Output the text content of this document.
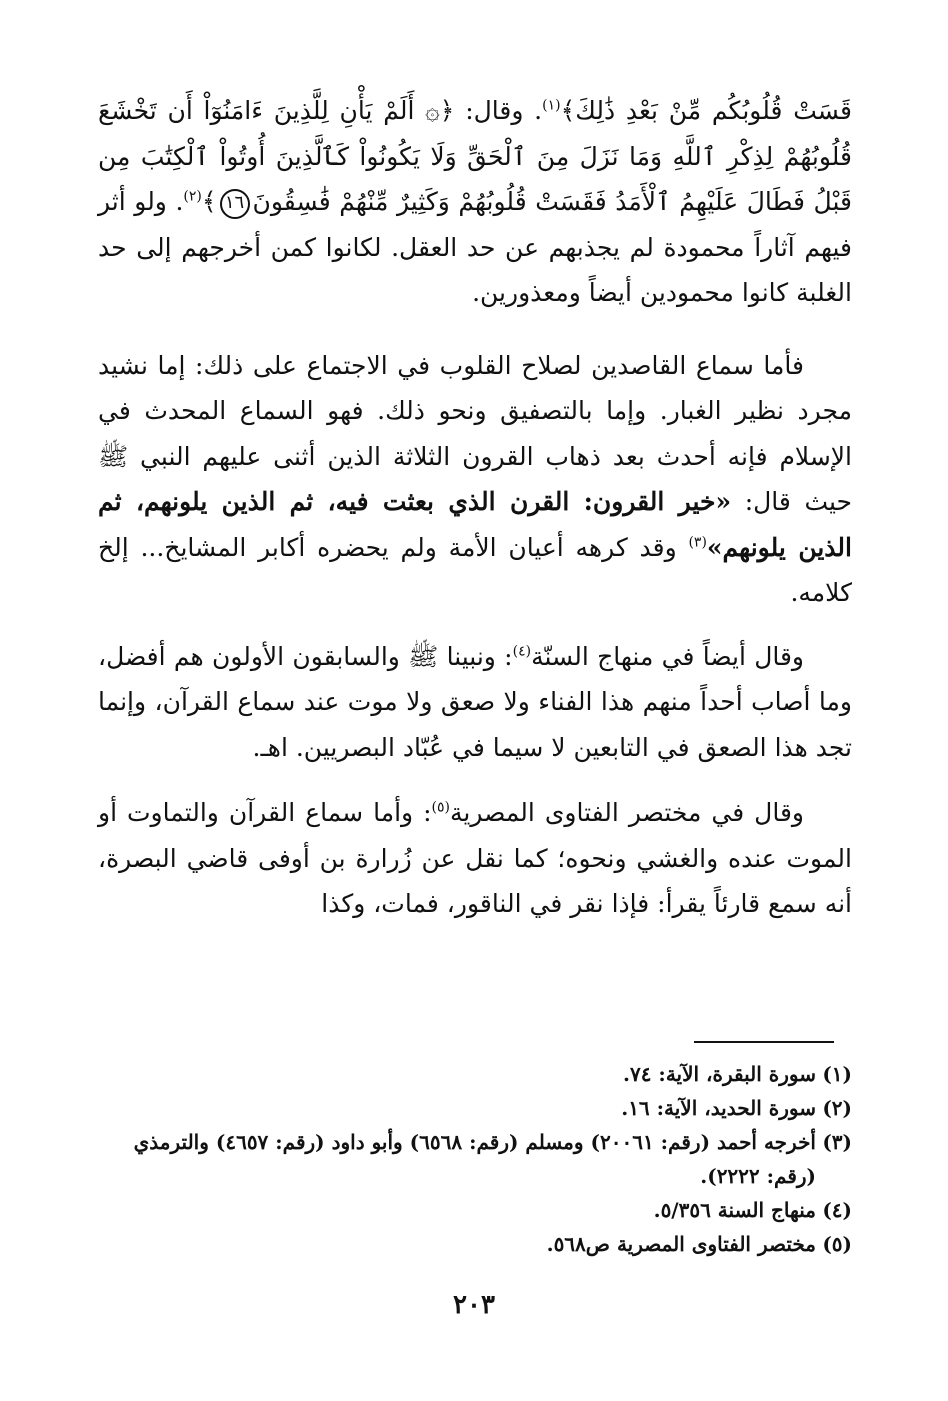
قَسَتْ قُلُوبُكُم مِّنْ بَعْدِ ذَٰلِكَ﴾$^{(١)}$. وقال: ﴿۞ أَلَمْ يَأْنِ لِلَّذِينَ ءَامَنُوٓاْ أَن تَخْشَعَ قُلُوبُهُمْ لِذِكْرِ ٱللَّهِ وَمَا نَزَلَ مِنَ ٱلْحَقِّ وَلَا يَكُونُواْ كَٱلَّذِينَ أُوتُواْ ٱلْكِتَٰبَ مِن قَبْلُ فَطَالَ عَلَيْهِمُ ٱلْأَمَدُ فَقَسَتْ قُلُوبُهُمْ وَكَثِيرٌ مِّنْهُمْ فَٰسِقُونَ١٦﴾$^{(٢)}$. ولو أثر فيهم آثاراً محمودة لم يجذبهم عن حد العقل. لكانوا كمن أخرجهم إلى حد الغلبة كانوا محمودين أيضاً ومعذورين.

فأما سماع القاصدين لصلاح القلوب في الاجتماع على ذلك: إما نشيد مجرد نظير الغبار. وإما بالتصفيق ونحو ذلك. فهو السماع المحدث في الإسلام فإنه أحدث بعد ذهاب القرون الثلاثة الذين أثنى عليهم النبي ﷺ حيث قال: «خير القرون: القرن الذي بعثت فيه، ثم الذين يلونهم، ثم الذين يلونهم»$^{(٣)}$ وقد كرهه أعيان الأمة ولم يحضره أكابر المشايخ... إلخ كلامه.

وقال أيضاً في منهاج السنّة$^{(٤)}$: ونبينا ﷺ والسابقون الأولون هم أفضل، وما أصاب أحداً منهم هذا الفناء ولا صعق ولا موت عند سماع القرآن، وإنما تجد هذا الصعق في التابعين لا سيما في عُبّاد البصريين. اهـ.

وقال في مختصر الفتاوى المصرية$^{(٥)}$: وأما سماع القرآن والتماوت أو الموت عنده والغشي ونحوه؛ كما نقل عن زُرارة بن أوفى قاضي البصرة، أنه سمع قارئاً يقرأ: فإذا نقر في الناقور، فمات، وكذا

(١)
سورة البقرة، الآية: ٧٤.
(٢)
سورة الحديد، الآية: ١٦.
(٣)
أخرجه أحمد (رقم: ٢٠٠٦١) ومسلم (رقم: ٦٥٦٨) وأبو داود (رقم: ٤٦٥٧) والترمذي (رقم: ٢٢٢٢).
(٤)
منهاج السنة ٥/٣٥٦.
(٥)
مختصر الفتاوى المصرية ص٥٦٨.
٢٠٣
